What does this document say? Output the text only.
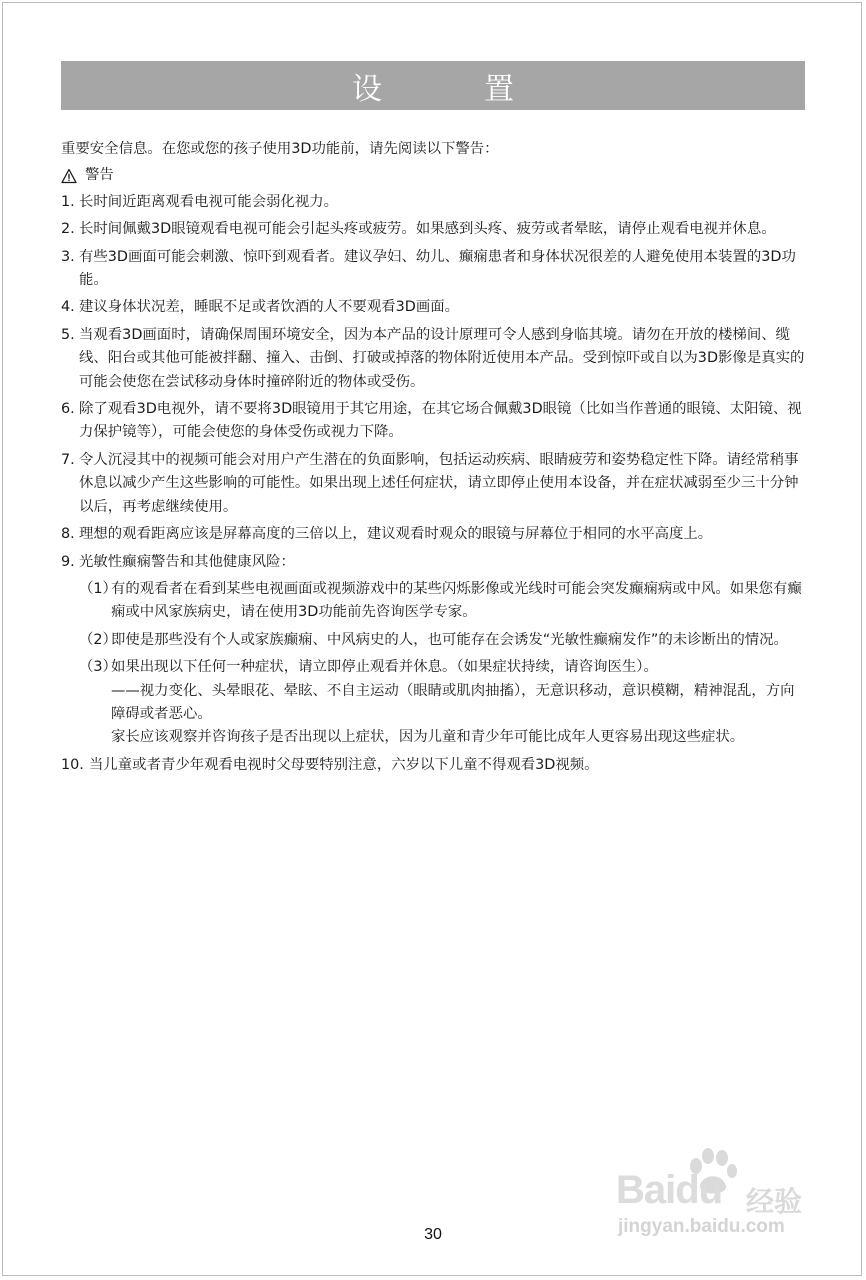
设　置

重要安全信息。在您或您的孩子使用3D功能前，请先阅读以下警告：

警告
1. 长时间近距离观看电视可能会弱化视力。
2. 长时间佩戴3D眼镜观看电视可能会引起头疼或疲劳。如果感到头疼、疲劳或者晕眩，请停止观看电视并休息。
3. 有些3D画面可能会刺激、惊吓到观看者。建议孕妇、幼儿、癫痫患者和身体状况很差的人避免使用本装置的3D功能。
4. 建议身体状况差，睡眠不足或者饮酒的人不要观看3D画面。
5. 当观看3D画面时，请确保周围环境安全，因为本产品的设计原理可令人感到身临其境。请勿在开放的楼梯间、缆线、阳台或其他可能被拌翻、撞入、击倒、打破或掉落的物体附近使用本产品。受到惊吓或自以为3D影像是真实的可能会使您在尝试移动身体时撞碎附近的物体或受伤。
6. 除了观看3D电视外，请不要将3D眼镜用于其它用途，在其它场合佩戴3D眼镜（比如当作普通的眼镜、太阳镜、视力保护镜等），可能会使您的身体受伤或视力下降。
7. 令人沉浸其中的视频可能会对用户产生潜在的负面影响，包括运动疾病、眼睛疲劳和姿势稳定性下降。请经常稍事休息以减少产生这些影响的可能性。如果出现上述任何症状，请立即停止使用本设备，并在症状减弱至少三十分钟以后，再考虑继续使用。
8. 理想的观看距离应该是屏幕高度的三倍以上，建议观看时观众的眼镜与屏幕位于相同的水平高度上。
9. 光敏性癫痫警告和其他健康风险：
（1）

有的观看者在看到某些电视画面或视频游戏中的某些闪烁影像或光线时可能会突发癫痫病或中风。如果您有癫痫或中风家族病史，请在使用3D功能前先咨询医学专家。

（2）

即使是那些没有个人或家族癫痫、中风病史的人，也可能存在会诱发“光敏性癫痫发作”的未诊断出的情况。

（3）

如果出现以下任何一种症状，请立即停止观看并休息。（如果症状持续，请咨询医生）。

——视力变化、头晕眼花、晕眩、不自主运动（眼睛或肌肉抽搐），无意识移动，意识模糊，精神混乱，方向障碍或者恶心。

家长应该观察并咨询孩子是否出现以上症状，因为儿童和青少年可能比成年人更容易出现这些症状。

10. 当儿童或者青少年观看电视时父母要特别注意，六岁以下儿童不得观看3D视频。
Baidu 经验
jingyan.baidu.com
30
